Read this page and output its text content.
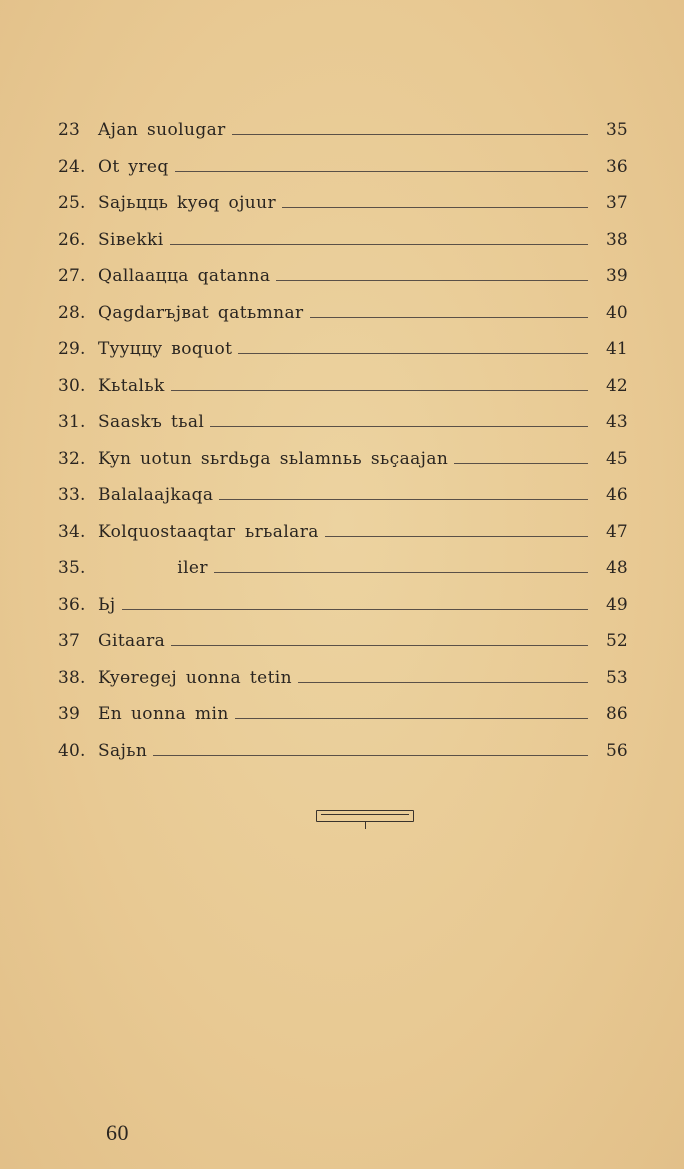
23	Ajan suolugar	35
24. Ot yreq	36
25. Sajьцць kyөq ojuur	37
26. Siвekki	38
27. Qallaaцца qatanna	39
28. Qagdarъjвat qatьmnar	40
29. Tyyццy вoquot	41
30. Kьtalьk	42
31. Saaskъ tьal	43
32. Kyn uotun sьrdьga sьlamnьь sьçaajan	45
33. Balalaajkaqa	46
34. Kolquostaaqtaг ьrьalara	47
35. iler	48
36. Ьj	49
37	Gitaara	52
38. Kyөregej uonna tetin	53
39	En uonna min	86
40. Sajьn	56
60
